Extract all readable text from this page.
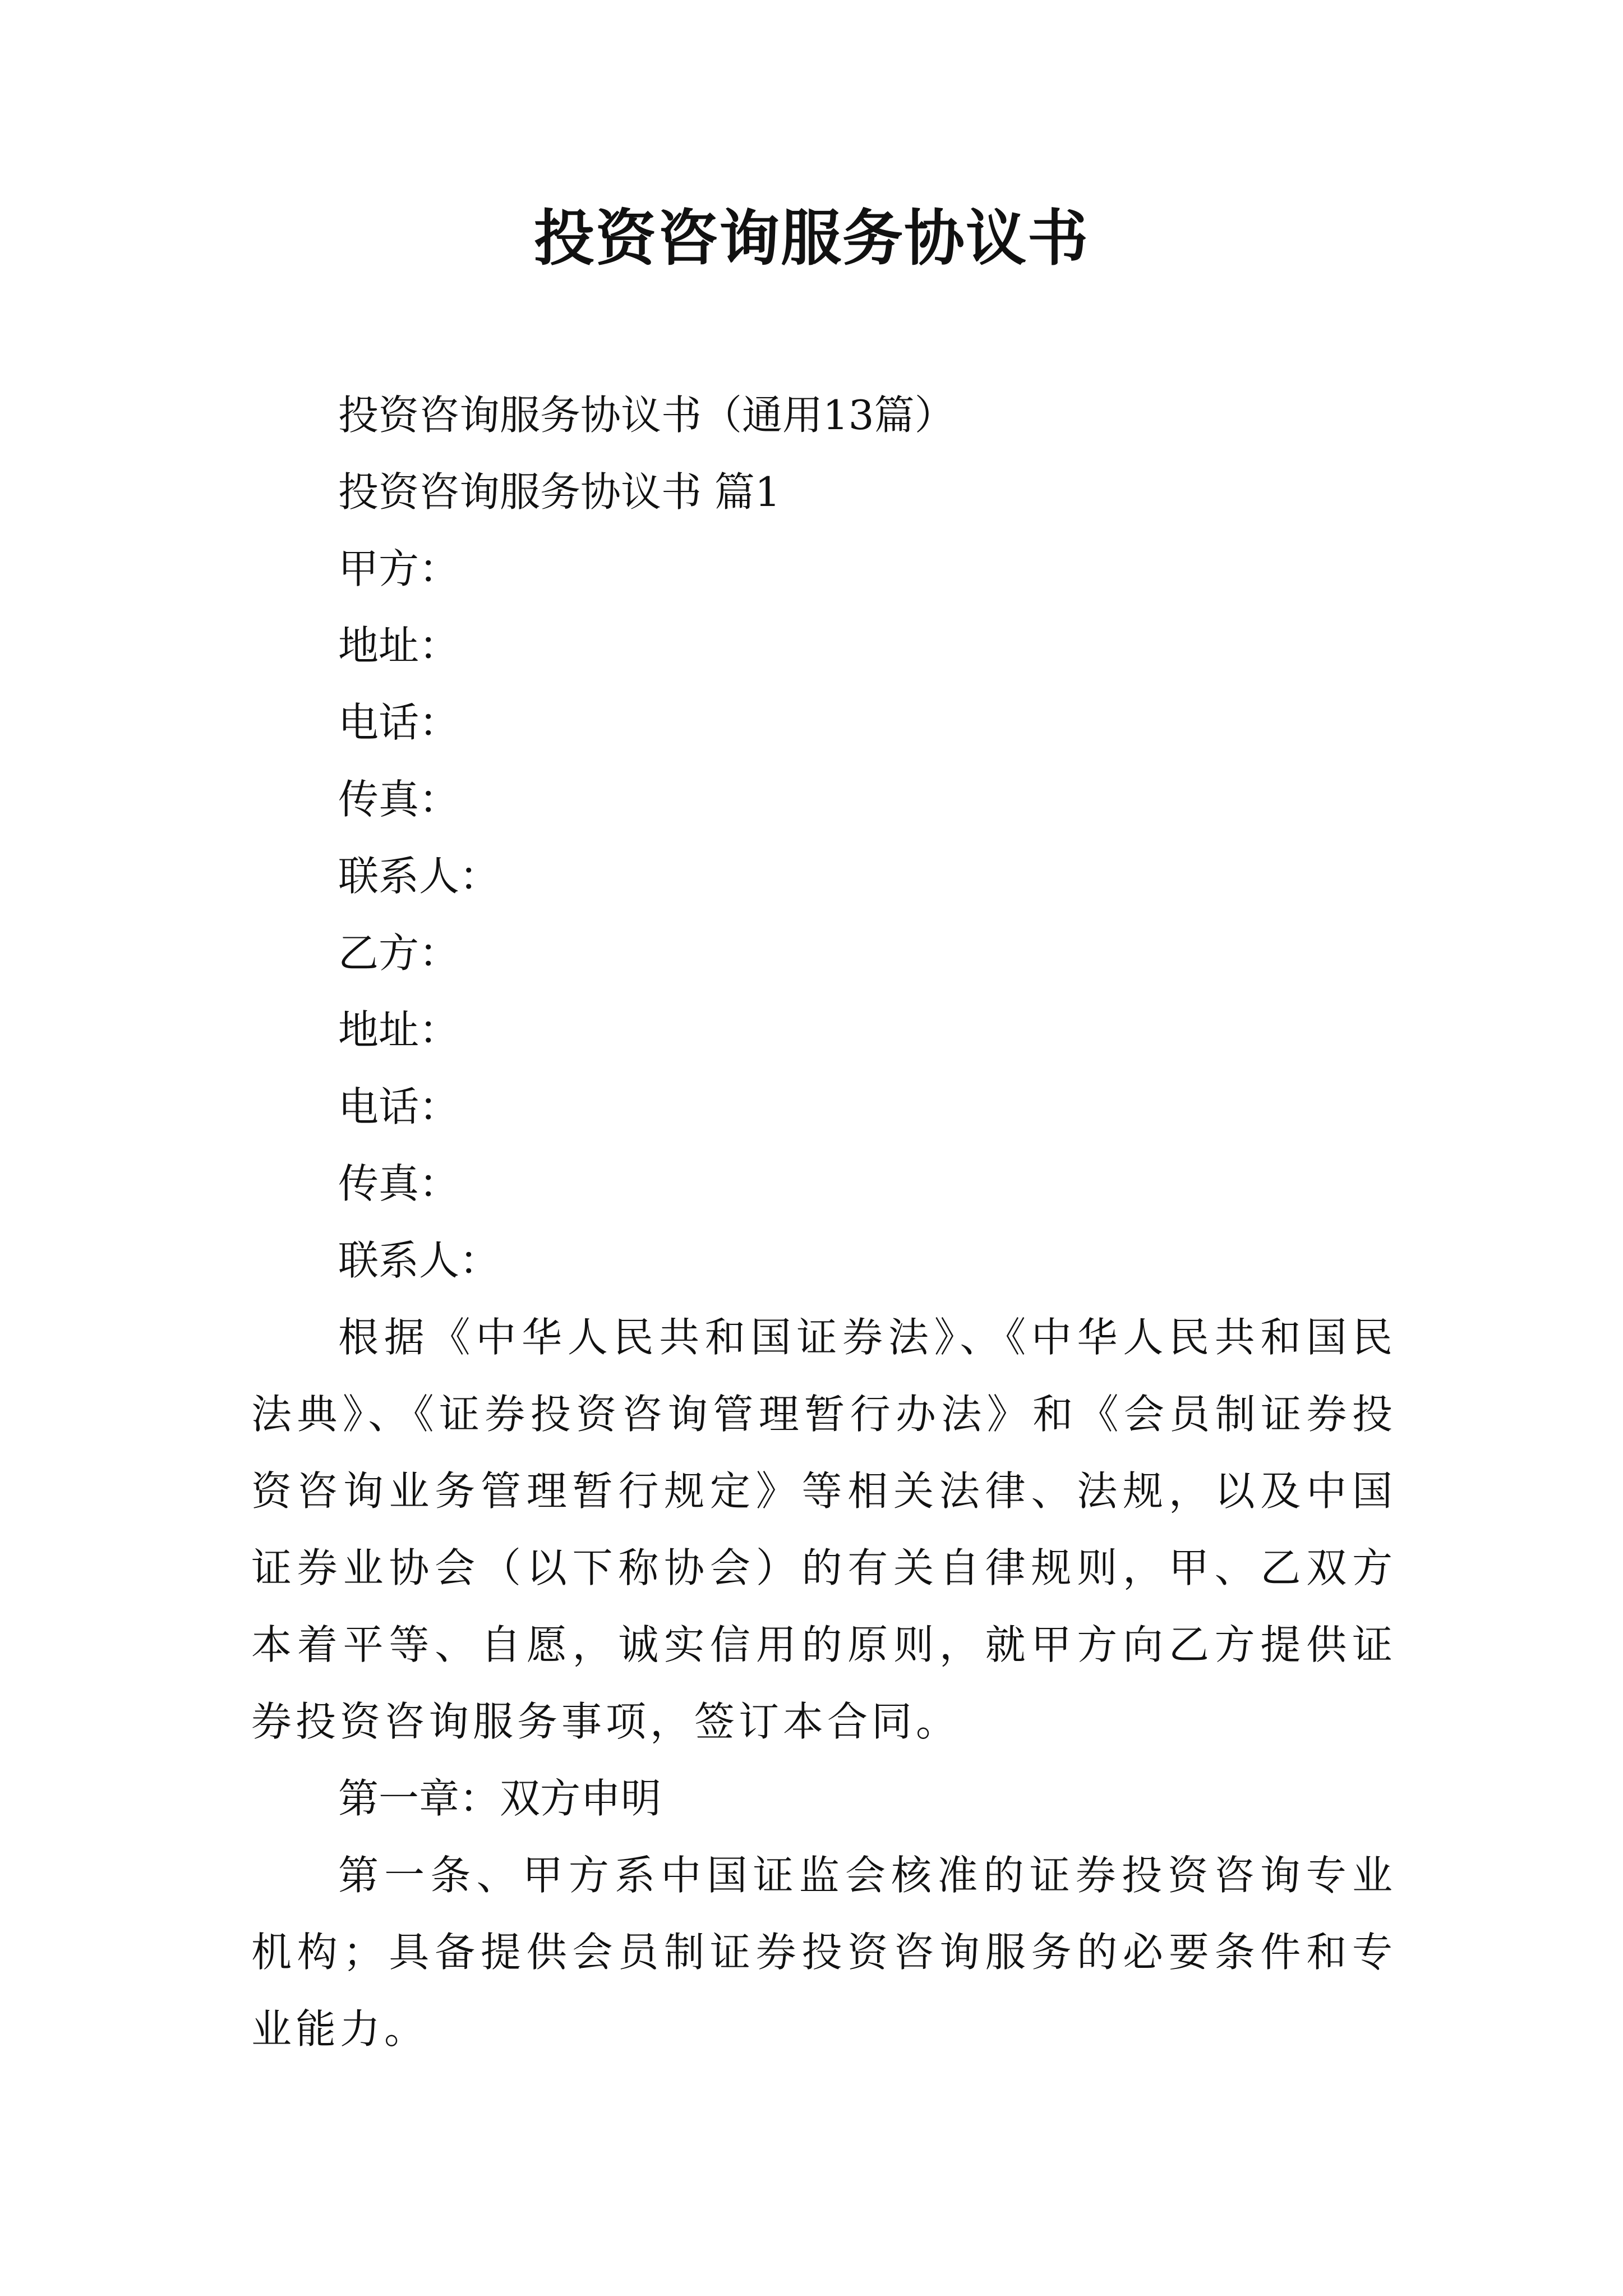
投资咨询服务协议书
投资咨询服务协议书（通用13篇）
投资咨询服务协议书 篇1
甲方：
地址：
电话：
传真：
联系人：
乙方：
地址：
电话：
传真：
联系人：

根据《中华人民共和国证券法》、《中华人民共和国民法典》、《证券投资咨询管理暂行办法》和《会员制证券投资咨询业务管理暂行规定》等相关法律、法规，以及中国证券业协会（以下称协会）的有关自律规则，甲、乙双方本着平等、自愿，诚实信用的原则，就甲方向乙方提供证券投资咨询服务事项，签订本合同。

第一章：双方申明

第一条、甲方系中国证监会核准的证券投资咨询专业机构；具备提供会员制证券投资咨询服务的必要条件和专业能力。
